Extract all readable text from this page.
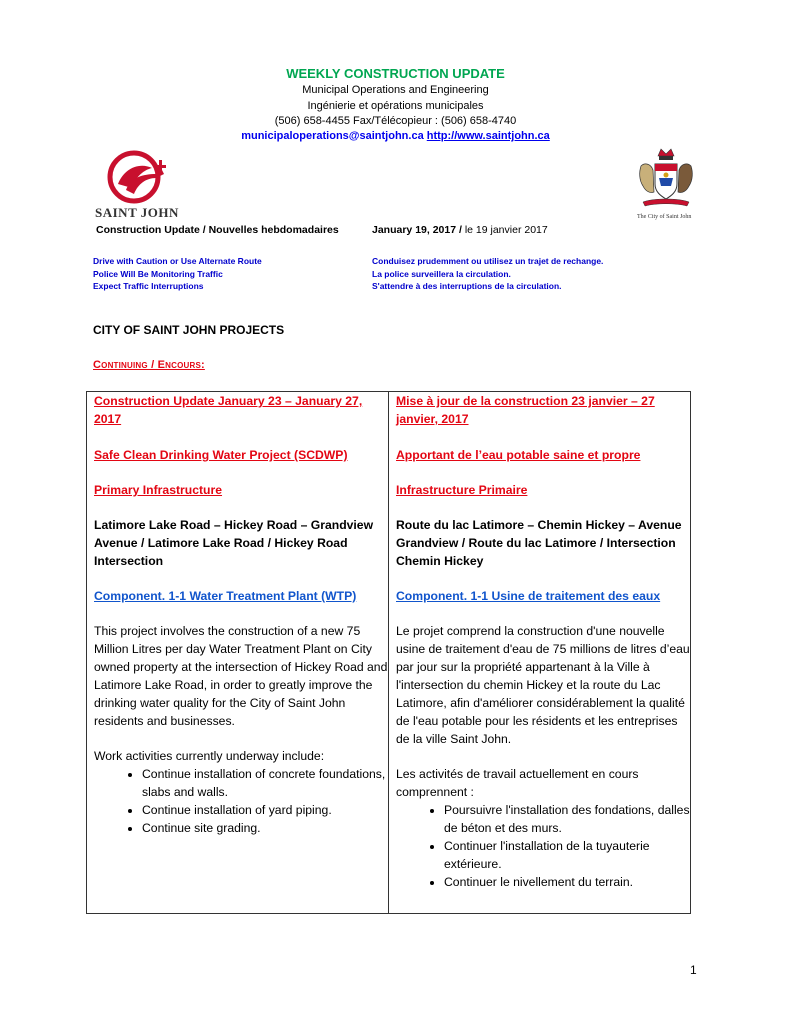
WEEKLY CONSTRUCTION UPDATE
Municipal Operations and Engineering
Ingénierie et opérations municipales
(506) 658-4455 Fax/Télécopieur : (506) 658-4740
municipaloperations@saintjohn.ca http://www.saintjohn.ca
SAINT JOHN	The City of Saint John
Construction Update / Nouvelles hebdomadaires	January 19, 2017 / le 19 janvier 2017
Drive with Caution or Use Alternate Route
Police Will Be Monitoring Traffic
Expect Traffic Interruptions
Conduisez prudemment ou utilisez un trajet de rechange.
La police surveillera la circulation.
S'attendre à des interruptions de la circulation.
CITY OF SAINT JOHN PROJECTS
Continuing / Encours:

Construction Update January 23 – January 27, 2017

Safe Clean Drinking Water Project (SCDWP)

Primary Infrastructure

Latimore Lake Road – Hickey Road – Grandview Avenue / Latimore Lake Road / Hickey Road Intersection

Component. 1-1 Water Treatment Plant (WTP)

This project involves the construction of a new 75 Million Litres per day Water Treatment Plant on City owned property at the intersection of Hickey Road and Latimore Lake Road, in order to greatly improve the drinking water quality for the City of Saint John residents and businesses.

Work activities currently underway include:

• Continue installation of concrete foundations, slabs and walls.
• Continue installation of yard piping.
• Continue site grading.

Mise à jour de la construction 23 janvier – 27 janvier, 2017

Apportant de l’eau potable saine et propre

Infrastructure Primaire

Route du lac Latimore – Chemin Hickey – Avenue Grandview / Route du lac Latimore / Intersection Chemin Hickey

Component. 1-1 Usine de traitement des eaux

Le projet comprend la construction d'une nouvelle usine de traitement d'eau de 75 millions de litres d’eau par jour sur la propriété appartenant à la Ville à l'intersection du chemin Hickey et la route du Lac Latimore, afin d'améliorer considérablement la qualité de l'eau potable pour les résidents et les entreprises de la ville Saint John.

Les activités de travail actuellement en cours comprennent :

• Poursuivre l'installation des fondations, dalles de béton et des murs.
• Continuer l'installation de la tuyauterie extérieure.
• Continuer le nivellement du terrain.
1
